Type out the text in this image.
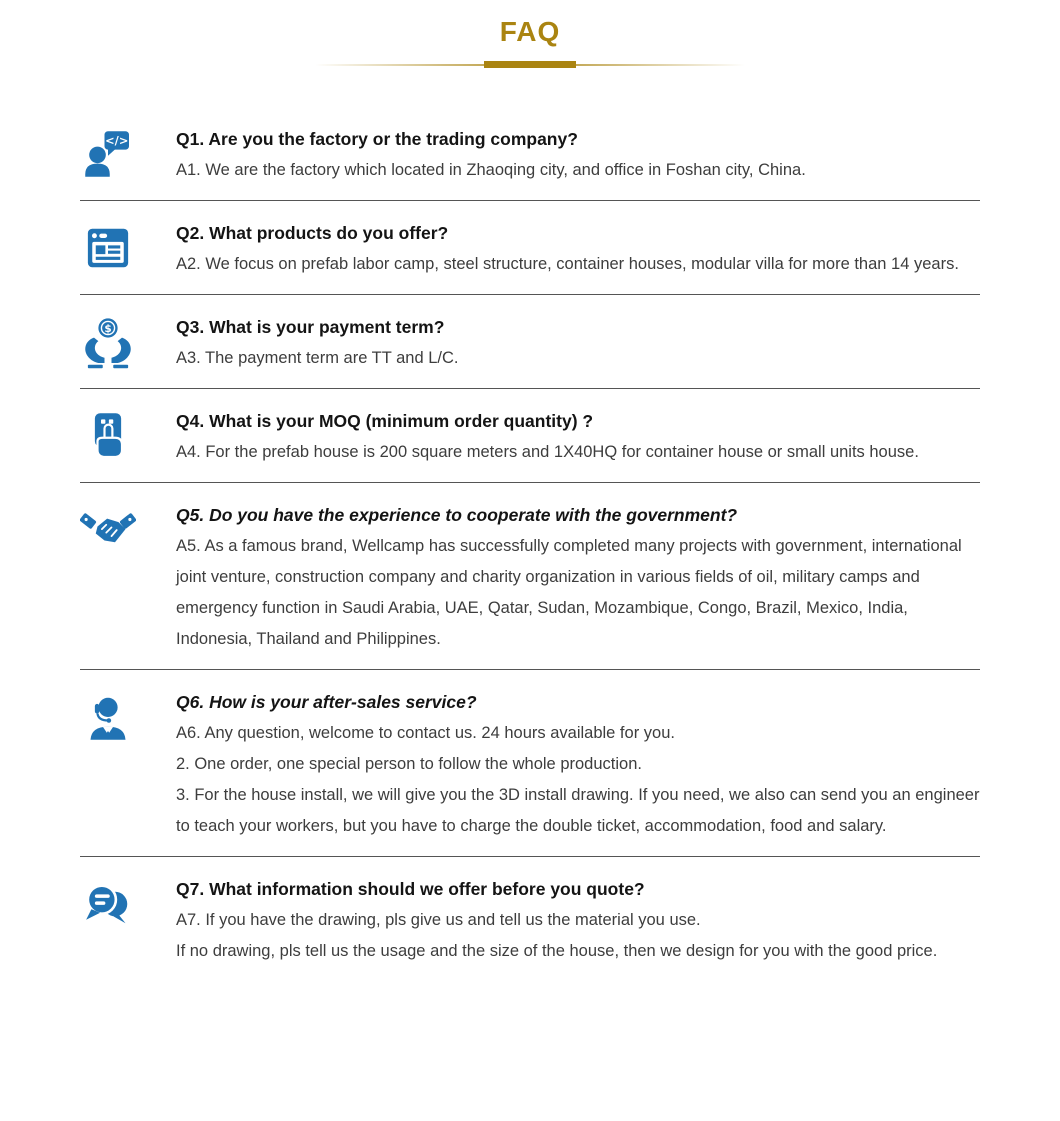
FAQ
</>	Q1. Are you the factory or the trading company?

A1. We are the factory which located in Zhaoqing city, and office in Foshan city, China.

Q2. What products do you offer?

A2. We focus on prefab labor camp, steel structure, container houses, modular villa for more than 14 years.

$	Q3. What is your payment term?

A3. The payment term are TT and L/C.

Q4. What is your MOQ (minimum order quantity) ?

A4. For the prefab house is 200 square meters and 1X40HQ for container house or small units house.

Q5. Do you have the experience to cooperate with the government?

A5. As a famous brand, Wellcamp has successfully completed many projects with government, international joint venture, construction company and charity organization in various fields of oil, military camps and emergency function in Saudi Arabia, UAE, Qatar, Sudan, Mozambique, Congo, Brazil, Mexico, India, Indonesia, Thailand and Philippines.

Q6. How is your after-sales service?

A6. Any question, welcome to contact us. 24 hours available for you.

2. One order, one special person to follow the whole production.

3. For the house install, we will give you the 3D install drawing. If you need, we also can send you an engineer to teach your workers, but you have to charge the double ticket, accommodation, food and salary.

Q7. What information should we offer before you quote?

A7. If you have the drawing, pls give us and tell us the material you use.

If no drawing, pls tell us the usage and the size of the house, then we design for you with the good price.
